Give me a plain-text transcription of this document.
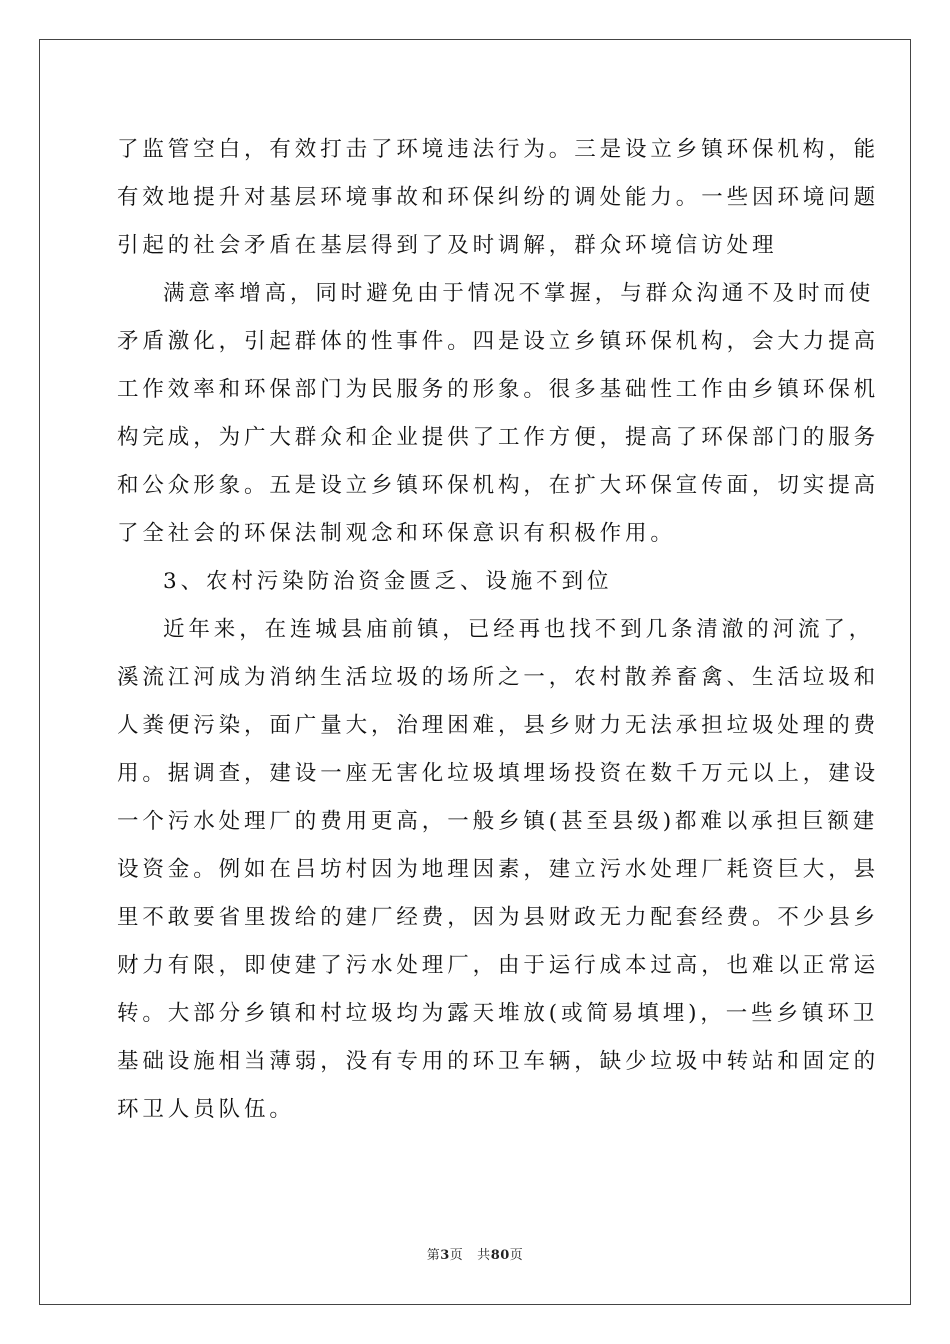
了监管空白，有效打击了环境违法行为。三是设立乡镇环保机构，能
有效地提升对基层环境事故和环保纠纷的调处能力。一些因环境问题
引起的社会矛盾在基层得到了及时调解，群众环境信访处理
满意率增高，同时避免由于情况不掌握，与群众沟通不及时而使
矛盾激化，引起群体的性事件。四是设立乡镇环保机构，会大力提高
工作效率和环保部门为民服务的形象。很多基础性工作由乡镇环保机
构完成，为广大群众和企业提供了工作方便，提高了环保部门的服务
和公众形象。五是设立乡镇环保机构，在扩大环保宣传面，切实提高
了全社会的环保法制观念和环保意识有积极作用。
3、农村污染防治资金匮乏、设施不到位
近年来，在连城县庙前镇，已经再也找不到几条清澈的河流了，
溪流江河成为消纳生活垃圾的场所之一，农村散养畜禽、生活垃圾和
人粪便污染，面广量大，治理困难，县乡财力无法承担垃圾处理的费
用。据调查，建设一座无害化垃圾填埋场投资在数千万元以上，建设
一个污水处理厂的费用更高，一般乡镇(甚至县级)都难以承担巨额建
设资金。例如在吕坊村因为地理因素，建立污水处理厂耗资巨大，县
里不敢要省里拨给的建厂经费，因为县财政无力配套经费。不少县乡
财力有限，即使建了污水处理厂，由于运行成本过高，也难以正常运
转。大部分乡镇和村垃圾均为露天堆放(或简易填埋)，一些乡镇环卫
基础设施相当薄弱，没有专用的环卫车辆，缺少垃圾中转站和固定的
环卫人员队伍。
第3页 共80页
